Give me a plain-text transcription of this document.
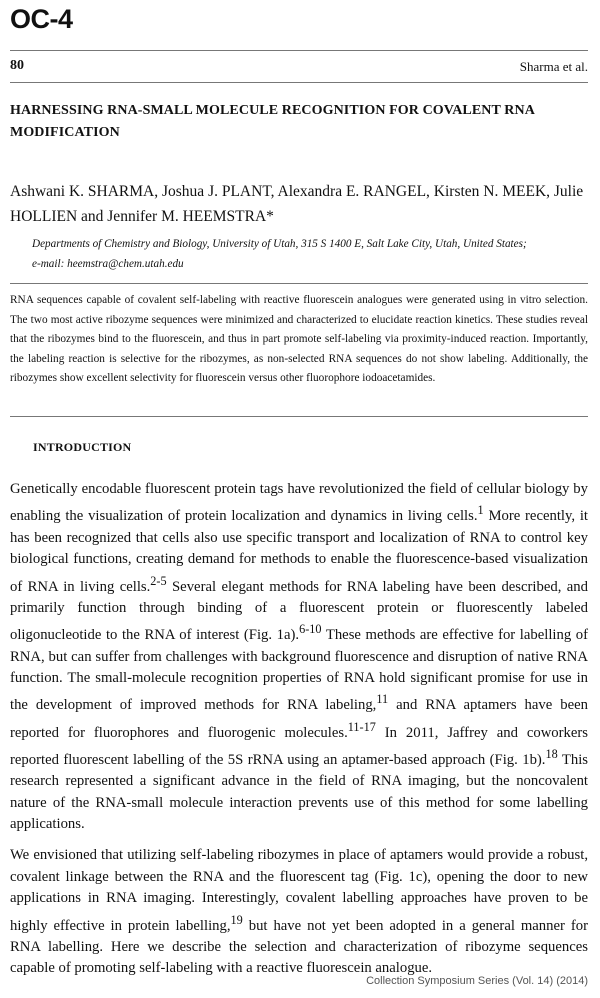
OC-4
80	Sharma et al.
HARNESSING RNA-SMALL MOLECULE RECOGNITION FOR COVALENT RNA MODIFICATION
Ashwani K. SHARMA, Joshua J. PLANT, Alexandra E. RANGEL, Kirsten N. MEEK, Julie HOLLIEN and Jennifer M. HEEMSTRA*
Departments of Chemistry and Biology, University of Utah, 315 S 1400 E, Salt Lake City, Utah, United States;
e-mail: heemstra@chem.utah.edu
RNA sequences capable of covalent self-labeling with reactive fluorescein analogues were generated using in vitro selection. The two most active ribozyme sequences were minimized and characterized to elucidate reaction kinetics. These studies reveal that the ribozymes bind to the fluorescein, and thus in part promote self-labeling via proximity-induced reaction. Importantly, the labeling reaction is selective for the ribozymes, as non-selected RNA sequences do not show labeling. Additionally, the ribozymes show excellent selectivity for fluorescein versus other fluorophore iodoacetamides.
INTRODUCTION

Genetically encodable fluorescent protein tags have revolutionized the field of cellular biology by enabling the visualization of protein localization and dynamics in living cells.$^1$ More recently, it has been recognized that cells also use specific transport and localization of RNA to control key biological functions, creating demand for methods to enable the fluorescence-based visualization of RNA in living cells.$^{2-5}$ Several elegant methods for RNA labeling have been described, and primarily function through binding of a fluorescent protein or fluorescently labeled oligonucleotide to the RNA of interest (Fig. 1a).$^{6-10}$ These methods are effective for labelling of RNA, but can suffer from challenges with background fluorescence and disruption of native RNA function. The small-molecule recognition properties of RNA hold significant promise for use in the development of improved methods for RNA labeling,$^{11}$ and RNA aptamers have been reported for fluorophores and fluorogenic molecules.$^{11-17}$ In 2011, Jaffrey and coworkers reported fluorescent labelling of the 5S rRNA using an aptamer-based approach (Fig. 1b).$^{18}$ This research represented a significant advance in the field of RNA imaging, but the noncovalent nature of the RNA-small molecule interaction prevents use of this method for some labelling applications.

We envisioned that utilizing self-labeling ribozymes in place of aptamers would provide a robust, covalent linkage between the RNA and the fluorescent tag (Fig. 1c), opening the door to new applications in RNA imaging. Interestingly, covalent labelling approaches have proven to be highly effective in protein labelling,$^{19}$ but have not yet been adopted in a general manner for RNA labelling. Here we describe the selection and characterization of ribozyme sequences capable of promoting self-labeling with a reactive fluorescein analogue.

Collection Symposium Series (Vol. 14) (2014)
